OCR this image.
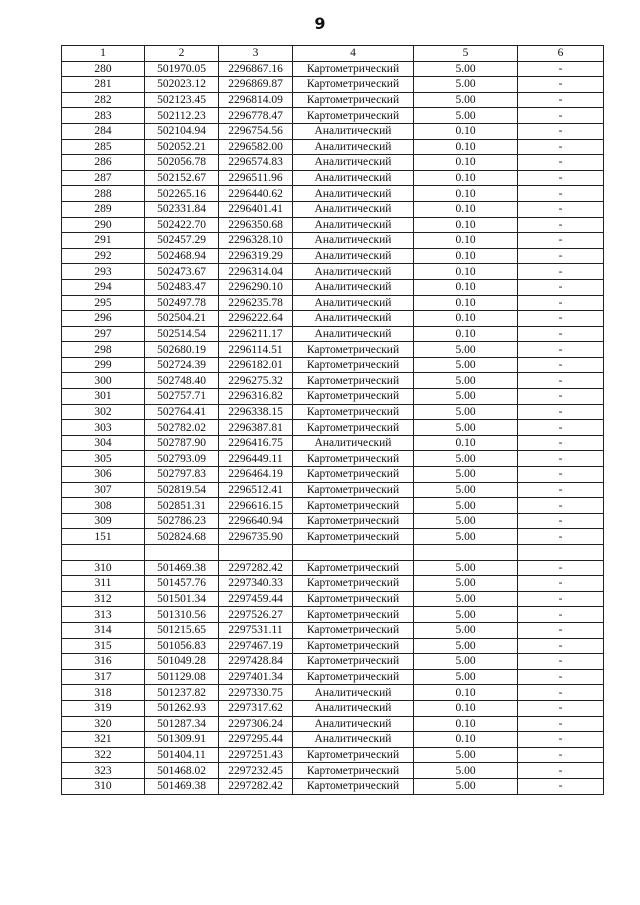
9
1	2	3	4	5	6
280	501970.05	2296867.16	Картометрический	5.00	-
281	502023.12	2296869.87	Картометрический	5.00	-
282	502123.45	2296814.09	Картометрический	5.00	-
283	502112.23	2296778.47	Картометрический	5.00	-
284	502104.94	2296754.56	Аналитический	0.10	-
285	502052.21	2296582.00	Аналитический	0.10	-
286	502056.78	2296574.83	Аналитический	0.10	-
287	502152.67	2296511.96	Аналитический	0.10	-
288	502265.16	2296440.62	Аналитический	0.10	-
289	502331.84	2296401.41	Аналитический	0.10	-
290	502422.70	2296350.68	Аналитический	0.10	-
291	502457.29	2296328.10	Аналитический	0.10	-
292	502468.94	2296319.29	Аналитический	0.10	-
293	502473.67	2296314.04	Аналитический	0.10	-
294	502483.47	2296290.10	Аналитический	0.10	-
295	502497.78	2296235.78	Аналитический	0.10	-
296	502504.21	2296222.64	Аналитический	0.10	-
297	502514.54	2296211.17	Аналитический	0.10	-
298	502680.19	2296114.51	Картометрический	5.00	-
299	502724.39	2296182.01	Картометрический	5.00	-
300	502748.40	2296275.32	Картометрический	5.00	-
301	502757.71	2296316.82	Картометрический	5.00	-
302	502764.41	2296338.15	Картометрический	5.00	-
303	502782.02	2296387.81	Картометрический	5.00	-
304	502787.90	2296416.75	Аналитический	0.10	-
305	502793.09	2296449.11	Картометрический	5.00	-
306	502797.83	2296464.19	Картометрический	5.00	-
307	502819.54	2296512.41	Картометрический	5.00	-
308	502851.31	2296616.15	Картометрический	5.00	-
309	502786.23	2296640.94	Картометрический	5.00	-
151	502824.68	2296735.90	Картометрический	5.00	-

310	501469.38	2297282.42	Картометрический	5.00	-
311	501457.76	2297340.33	Картометрический	5.00	-
312	501501.34	2297459.44	Картометрический	5.00	-
313	501310.56	2297526.27	Картометрический	5.00	-
314	501215.65	2297531.11	Картометрический	5.00	-
315	501056.83	2297467.19	Картометрический	5.00	-
316	501049.28	2297428.84	Картометрический	5.00	-
317	501129.08	2297401.34	Картометрический	5.00	-
318	501237.82	2297330.75	Аналитический	0.10	-
319	501262.93	2297317.62	Аналитический	0.10	-
320	501287.34	2297306.24	Аналитический	0.10	-
321	501309.91	2297295.44	Аналитический	0.10	-
322	501404.11	2297251.43	Картометрический	5.00	-
323	501468.02	2297232.45	Картометрический	5.00	-
310	501469.38	2297282.42	Картометрический	5.00	-
